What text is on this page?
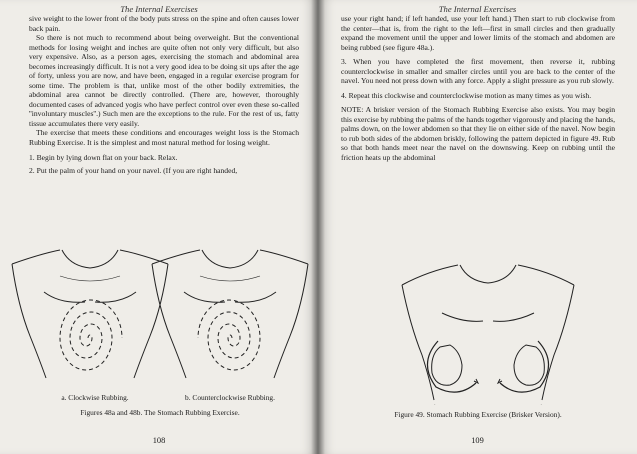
The Internal Exercises

sive weight to the lower front of the body puts stress on the spine and often causes lower back pain.

So there is not much to recommend about being overweight. But the conventional methods for losing weight and inches are quite often not only very difficult, but also very expensive. Also, as a person ages, exercising the stomach and abdominal area becomes increasingly difficult. It is not a very good idea to be doing sit ups after the age of forty, unless you are now, and have been, engaged in a regular exercise program for some time. The problem is that, unlike most of the other bodily extremities, the abdominal area cannot be directly controlled. (There are, however, thoroughly documented cases of advanced yogis who have perfect control over even these so-called ''involuntary muscles''.) Such men are the exceptions to the rule. For the rest of us, fatty tissue accumulates there very easily.

The exercise that meets these conditions and encourages weight loss is the Stomach Rubbing Exercise. It is the simplest and most natural method for losing weight.

1. Begin by lying down flat on your back. Relax.
2. Put the palm of your hand on your navel. (If you are right handed,
a. Clockwise Rubbing.	b. Counterclockwise Rubbing.
Figures 48a and 48b. The Stomach Rubbing Exercise.
108
The Internal Exercises

use your right hand; if left handed, use your left hand.) Then start to rub clockwise from the center—that is, from the right to the left—first in small circles and then gradually expand the movement until the upper and lower limits of the stomach and abdomen are being rubbed (see figure 48a.).

3. When you have completed the first movement, then reverse it, rubbing counterclockwise in smaller and smaller circles until you are back to the center of the navel. You need not press down with any force. Apply a slight pressure as you rub slowly.

4. Repeat this clockwise and counterclockwise motion as many times as you wish.

NOTE: A brisker version of the Stomach Rubbing Exercise also exists. You may begin this exercise by rubbing the palms of the hands together vigorously and placing the hands, palms down, on the lower abdomen so that they lie on either side of the navel. Now begin to rub both sides of the abdomen briskly, following the pattern depicted in figure 49. Rub so that both hands meet near the navel on the downswing. Keep on rubbing until the friction heats up the abdominal

Figure 49. Stomach Rubbing Exercise (Brisker Version).
109
